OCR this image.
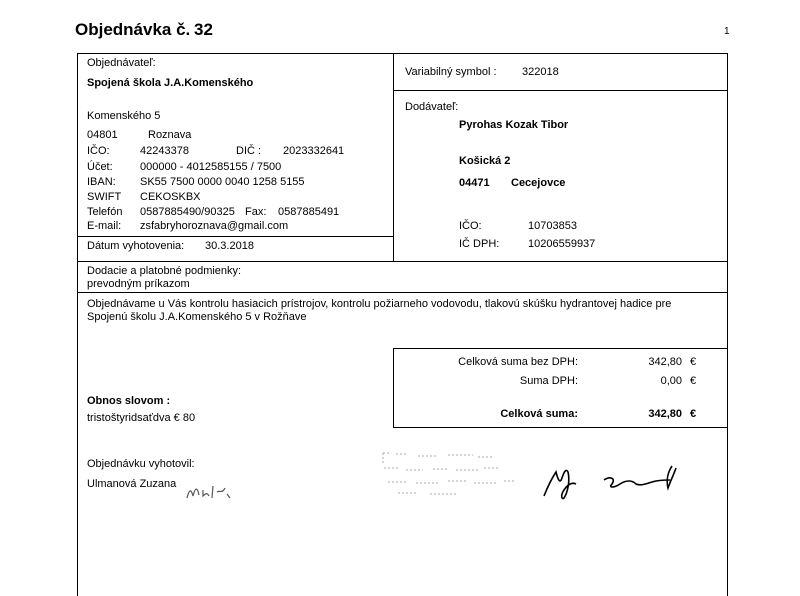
Objednávka č. 32	1
Objednávateľ:
Spojená škola J.A.Komenského
Komenského 5
04801	Roznava
IČO:	42243378	DIČ : 2023332641
Účet: 000000 - 4012585155 / 7500
IBAN: SK55 7500 0000 0040 1258 5155
SWIFT CEKOSKBX
Telefón 0587885490/90325 Fax: 0587885491
E-mail: zsfabryhoroznava@gmail.com
Dátum vyhotovenia: 30.3.2018
Variabilný symbol : 322018
Dodávateľ:
Pyrohas Kozak Tibor
Košická 2
04471 Cecejovce
IČO:	10703853
IČ DPH:	10206559937
Dodacie a platobné podmienky:
prevodným príkazom
Objednávame u Vás kontrolu hasiacich prístrojov, kontrolu požiarneho vodovodu, tlakovú skúšku hydrantovej hadice pre
Spojenú školu J.A.Komenského 5 v Rožňave
Celková suma bez DPH:	342,80 €
Suma DPH:	0,00 €
Celková suma:	342,80 €
Obnos slovom :
tristoštyridsaťdva € 80
Objednávku vyhotovil:
Ulmanová Zuzana
